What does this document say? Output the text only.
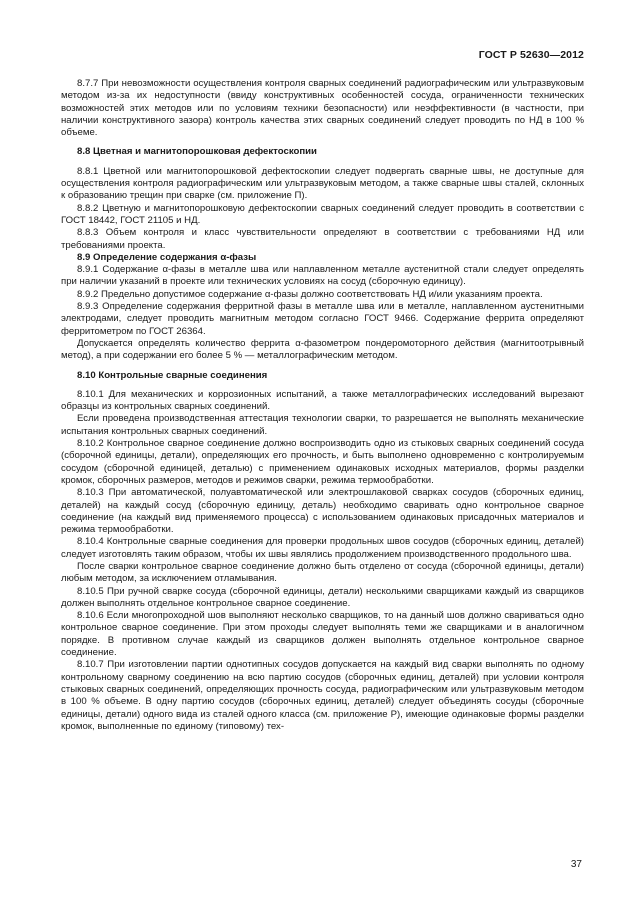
ГОСТ Р 52630—2012

8.7.7 При невозможности осуществления контроля сварных соединений радиографическим или ультразвуковым методом из-за их недоступности (ввиду конструктивных особенностей сосуда, ограниченности технических возможностей этих методов или по условиям техники безопасности) или неэффективности (в частности, при наличии конструктивного зазора) контроль качества этих сварных соединений следует проводить по НД в 100 % объеме.

8.8 Цветная и магнитопорошковая дефектоскопии

8.8.1 Цветной или магнитопорошковой дефектоскопии следует подвергать сварные швы, не доступные для осуществления контроля радиографическим или ультразвуковым методом, а также сварные швы сталей, склонных к образованию трещин при сварке (см. приложение П).

8.8.2 Цветную и магнитопорошковую дефектоскопии сварных соединений следует проводить в соответствии с ГОСТ 18442, ГОСТ 21105 и НД.

8.8.3 Объем контроля и класс чувствительности определяют в соответствии с требованиями НД или требованиями проекта.

8.9 Определение содержания α-фазы

8.9.1 Содержание α-фазы в металле шва или наплавленном металле аустенитной стали следует определять при наличии указаний в проекте или технических условиях на сосуд (сборочную единицу).

8.9.2 Предельно допустимое содержание α-фазы должно соответствовать НД и/или указаниям проекта.

8.9.3 Определение содержания ферритной фазы в металле шва или в металле, наплавленном аустенитными электродами, следует проводить магнитным методом согласно ГОСТ 9466. Содержание феррита определяют ферритометром по ГОСТ 26364.

Допускается определять количество феррита α-фазометром пондеромоторного действия (магнитоотрывный метод), а при содержании его более 5 % — металлографическим методом.

8.10 Контрольные сварные соединения

8.10.1 Для механических и коррозионных испытаний, а также металлографических исследований вырезают образцы из контрольных сварных соединений.

Если проведена производственная аттестация технологии сварки, то разрешается не выполнять механические испытания контрольных сварных соединений.

8.10.2 Контрольное сварное соединение должно воспроизводить одно из стыковых сварных соединений сосуда (сборочной единицы, детали), определяющих его прочность, и быть выполнено одновременно с контролируемым сосудом (сборочной единицей, деталью) с применением одинаковых исходных материалов, формы разделки кромок, сборочных размеров, методов и режимов сварки, режима термообработки.

8.10.3 При автоматической, полуавтоматической или электрошлаковой сварках сосудов (сборочных единиц, деталей) на каждый сосуд (сборочную единицу, деталь) необходимо сваривать одно контрольное сварное соединение (на каждый вид применяемого процесса) с использованием одинаковых присадочных материалов и режима термообработки.

8.10.4 Контрольные сварные соединения для проверки продольных швов сосудов (сборочных единиц, деталей) следует изготовлять таким образом, чтобы их швы являлись продолжением производственного продольного шва.

После сварки контрольное сварное соединение должно быть отделено от сосуда (сборочной единицы, детали) любым методом, за исключением отламывания.

8.10.5 При ручной сварке сосуда (сборочной единицы, детали) несколькими сварщиками каждый из сварщиков должен выполнять отдельное контрольное сварное соединение.

8.10.6 Если многопроходной шов выполняют несколько сварщиков, то на данный шов должно свариваться одно контрольное сварное соединение. При этом проходы следует выполнять теми же сварщиками и в аналогичном порядке. В противном случае каждый из сварщиков должен выполнять отдельное контрольное сварное соединение.

8.10.7 При изготовлении партии однотипных сосудов допускается на каждый вид сварки выполнять по одному контрольному сварному соединению на всю партию сосудов (сборочных единиц, деталей) при условии контроля стыковых сварных соединений, определяющих прочность сосуда, радиографическим или ультразвуковым методом в 100 % объеме. В одну партию сосудов (сборочных единиц, деталей) следует объединять сосуды (сборочные единицы, детали) одного вида из сталей одного класса (см. приложение Р), имеющие одинаковые формы разделки кромок, выполненные по единому (типовому) тех-

37
